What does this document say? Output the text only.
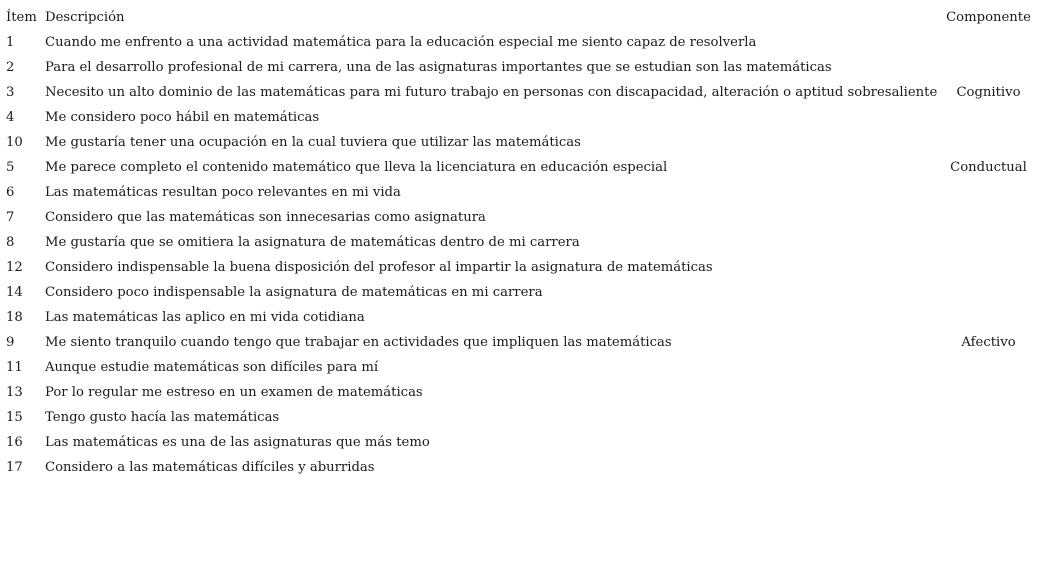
Ítem	Descripción	Componente
1	Cuando me enfrento a una actividad matemática para la educación especial me siento capaz de resolverla	
2	Para el desarrollo profesional de mi carrera, una de las asignaturas importantes que se estudian son las matemáticas	
3	Necesito un alto dominio de las matemáticas para mi futuro trabajo en personas con discapacidad, alteración o aptitud sobresaliente	Cognitivo
4	Me considero poco hábil en matemáticas	
10	Me gustaría tener una ocupación en la cual tuviera que utilizar las matemáticas	
5	Me parece completo el contenido matemático que lleva la licenciatura en educación especial	Conductual
6	Las matemáticas resultan poco relevantes en mi vida	
7	Considero que las matemáticas son innecesarias como asignatura	
8	Me gustaría que se omitiera la asignatura de matemáticas dentro de mi carrera	
12	Considero indispensable la buena disposición del profesor al impartir la asignatura de matemáticas	
14	Considero poco indispensable la asignatura de matemáticas en mi carrera	
18	Las matemáticas las aplico en mi vida cotidiana	
9	Me siento tranquilo cuando tengo que trabajar en actividades que impliquen las matemáticas	Afectivo
11	Aunque estudie matemáticas son difíciles para mí	
13	Por lo regular me estreso en un examen de matemáticas	
15	Tengo gusto hacía las matemáticas	
16	Las matemáticas es una de las asignaturas que más temo	
17	Considero a las matemáticas difíciles y aburridas	
